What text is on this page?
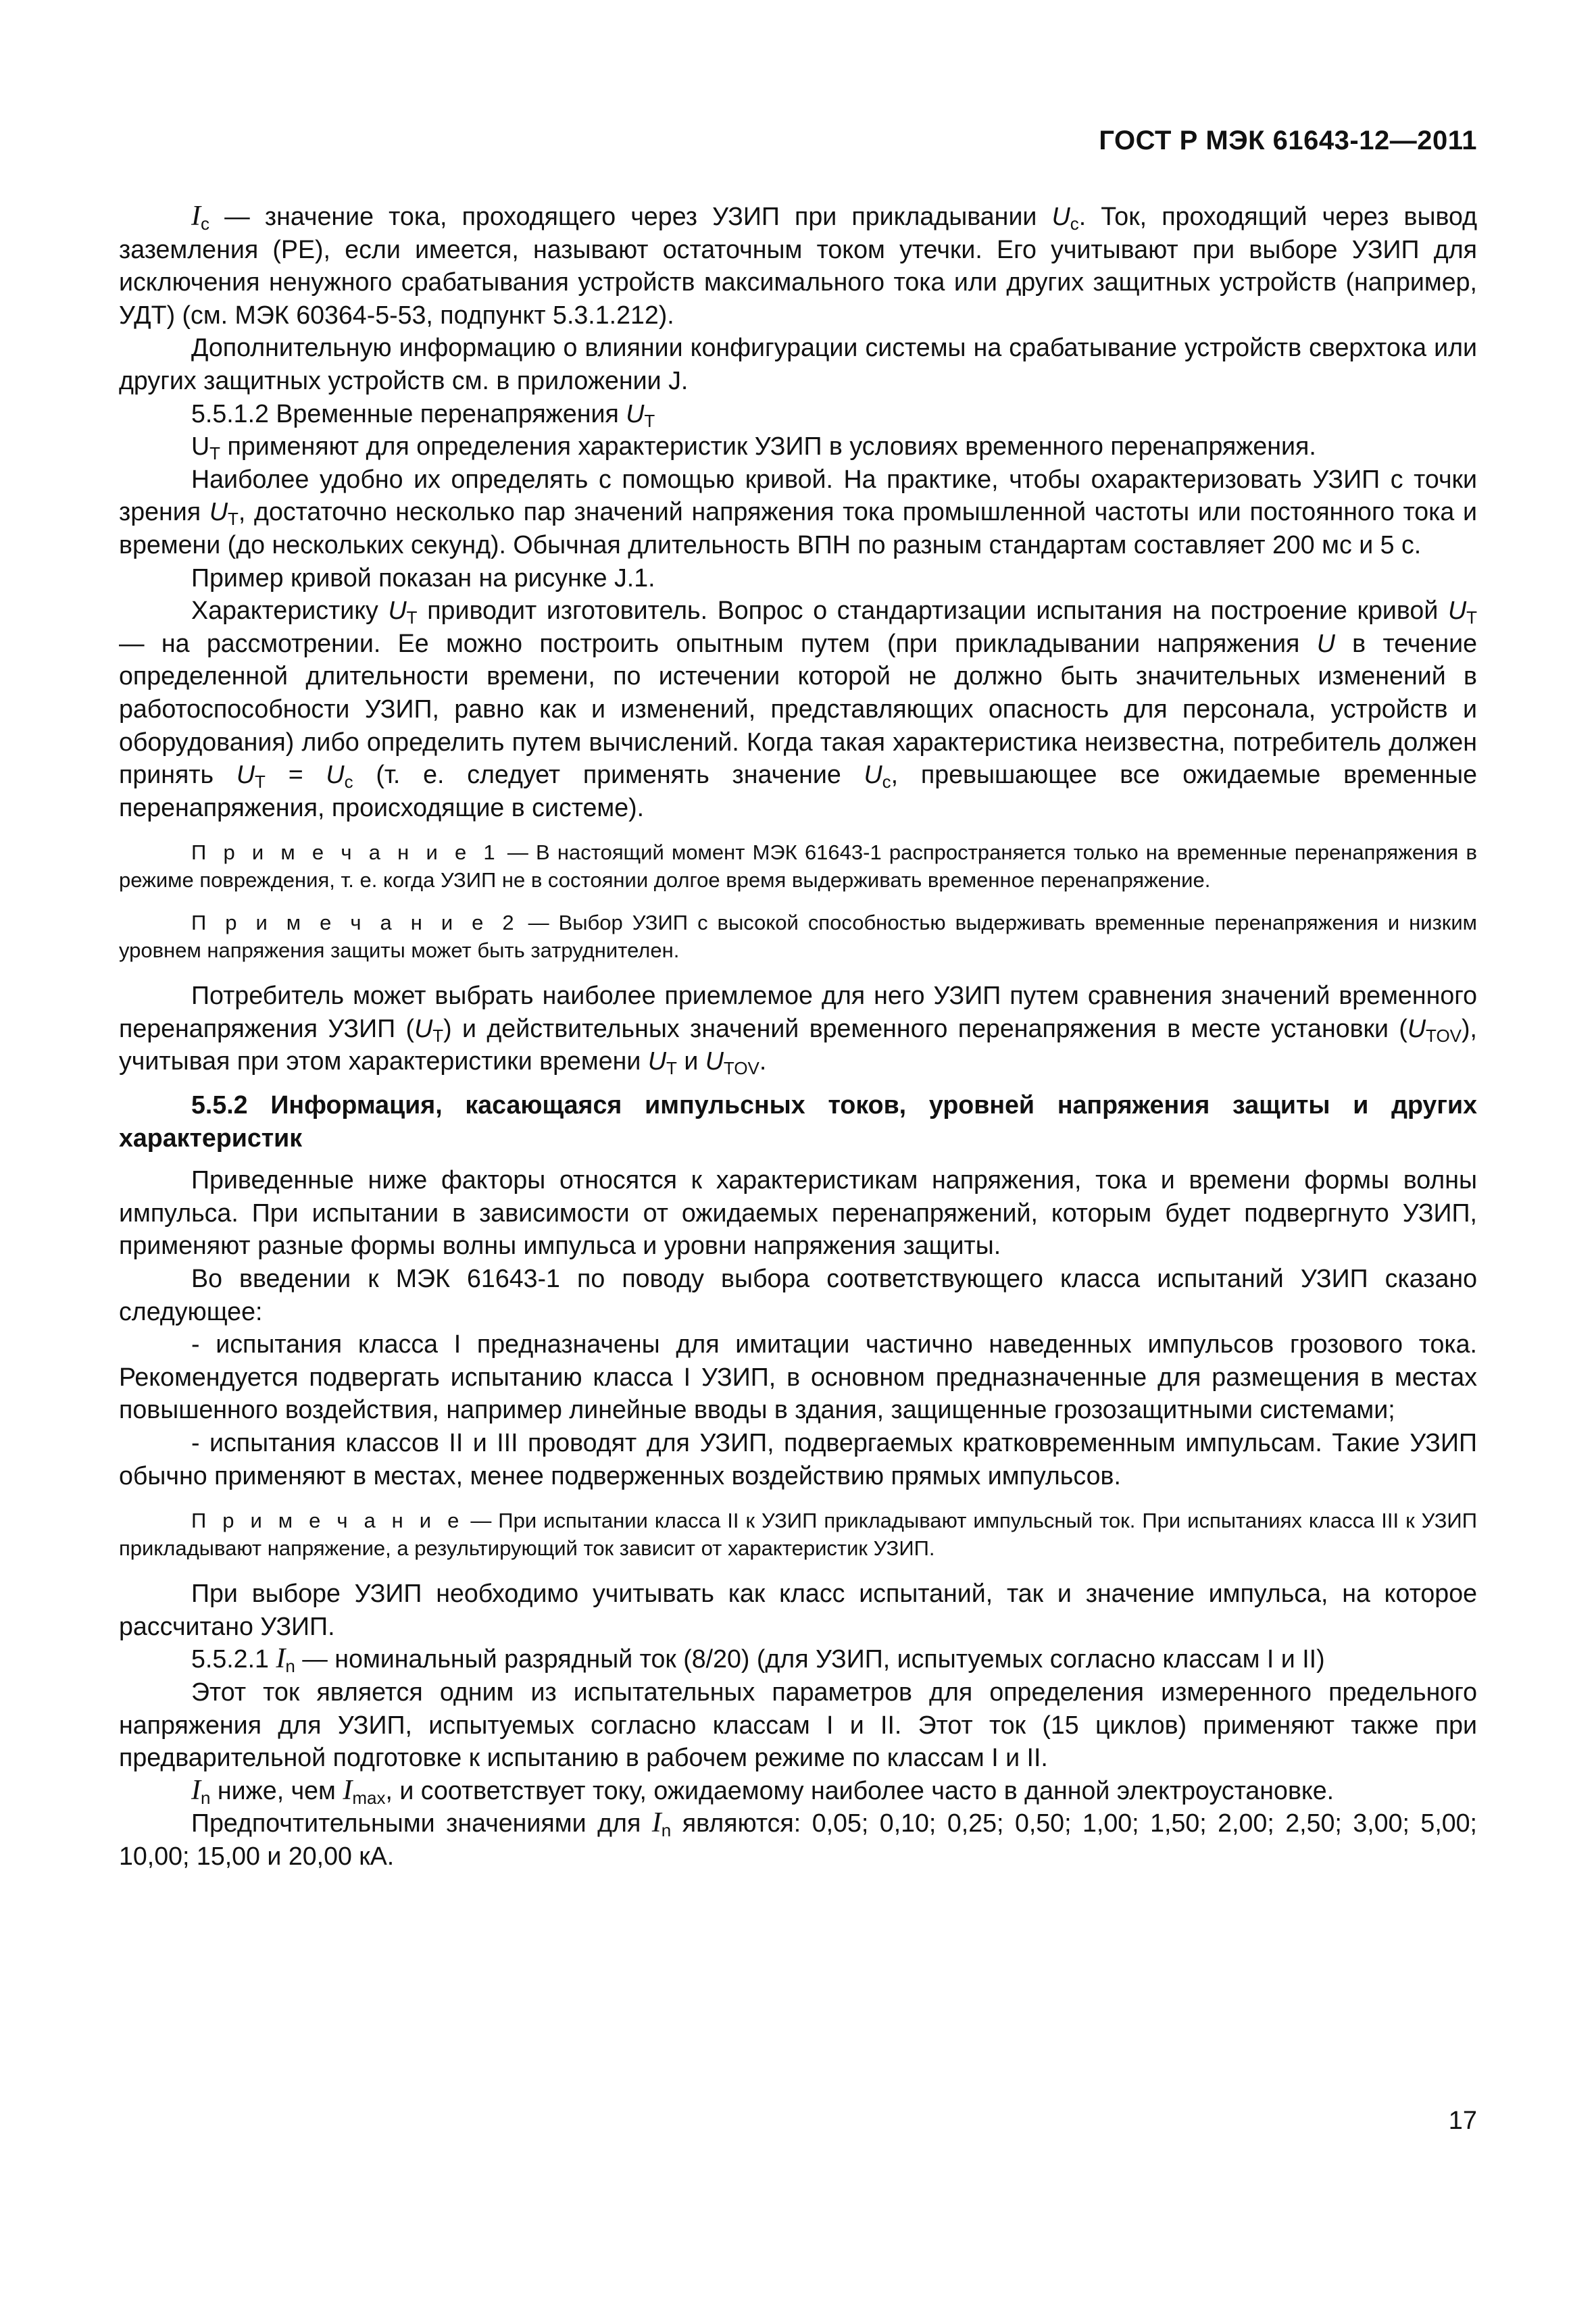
ГОСТ Р МЭК 61643-12—2011

$I_c$ — значение тока, проходящего через УЗИП при прикладывании $U_c$. Ток, проходящий через вывод заземления (PE), если имеется, называют остаточным током утечки. Его учитывают при выборе УЗИП для исключения ненужного срабатывания устройств максимального тока или других защитных устройств (например, УДТ) (см. МЭК 60364-5-53, подпункт 5.3.1.212).

Дополнительную информацию о влиянии конфигурации системы на срабатывание устройств сверхтока или других защитных устройств см. в приложении J.

5.5.1.2 Временные перенапряжения $U_T$

$U_T$ применяют для определения характеристик УЗИП в условиях временного перенапряжения.

Наиболее удобно их определять с помощью кривой. На практике, чтобы охарактеризовать УЗИП с точки зрения $U_T$, достаточно несколько пар значений напряжения тока промышленной частоты или постоянного тока и времени (до нескольких секунд). Обычная длительность ВПН по разным стандартам составляет 200 мс и 5 с.

Пример кривой показан на рисунке J.1.

Характеристику $U_T$ приводит изготовитель. Вопрос о стандартизации испытания на построение кривой $U_T$ — на рассмотрении. Ее можно построить опытным путем (при прикладывании напряжения U в течение определенной длительности времени, по истечении которой не должно быть значительных изменений в работоспособности УЗИП, равно как и изменений, представляющих опасность для персонала, устройств и оборудования) либо определить путем вычислений. Когда такая характеристика неизвестна, потребитель должен принять $U_T = U_c$ (т. е. следует применять значение $U_c$, превышающее все ожидаемые временные перенапряжения, происходящие в системе).

П р и м е ч а н и е 1 — В настоящий момент МЭК 61643-1 распространяется только на временные перенапряжения в режиме повреждения, т. е. когда УЗИП не в состоянии долгое время выдерживать временное перенапряжение.

П р и м е ч а н и е 2 — Выбор УЗИП с высокой способностью выдерживать временные перенапряжения и низким уровнем напряжения защиты может быть затруднителен.

Потребитель может выбрать наиболее приемлемое для него УЗИП путем сравнения значений временного перенапряжения УЗИП $(U_T)$ и действительных значений временного перенапряжения в месте установки $(U_{TOV})$, учитывая при этом характеристики времени $U_T$ и $U_{TOV}$.

5.5.2 Информация, касающаяся импульсных токов, уровней напряжения защиты и других характеристик

Приведенные ниже факторы относятся к характеристикам напряжения, тока и времени формы волны импульса. При испытании в зависимости от ожидаемых перенапряжений, которым будет подвергнуто УЗИП, применяют разные формы волны импульса и уровни напряжения защиты.

Во введении к МЭК 61643-1 по поводу выбора соответствующего класса испытаний УЗИП сказано следующее:

- испытания класса I предназначены для имитации частично наведенных импульсов грозового тока. Рекомендуется подвергать испытанию класса I УЗИП, в основном предназначенные для размещения в местах повышенного воздействия, например линейные вводы в здания, защищенные грозозащитными системами;

- испытания классов II и III проводят для УЗИП, подвергаемых кратковременным импульсам. Такие УЗИП обычно применяют в местах, менее подверженных воздействию прямых импульсов.

П р и м е ч а н и е — При испытании класса II к УЗИП прикладывают импульсный ток. При испытаниях класса III к УЗИП прикладывают напряжение, а результирующий ток зависит от характеристик УЗИП.

При выборе УЗИП необходимо учитывать как класс испытаний, так и значение импульса, на которое рассчитано УЗИП.

5.5.2.1 $I_n$ — номинальный разрядный ток (8/20) (для УЗИП, испытуемых согласно классам I и II)

Этот ток является одним из испытательных параметров для определения измеренного предельного напряжения для УЗИП, испытуемых согласно классам I и II. Этот ток (15 циклов) применяют также при предварительной подготовке к испытанию в рабочем режиме по классам I и II.

$I_n$ ниже, чем $I_{max}$, и соответствует току, ожидаемому наиболее часто в данной электроустановке.

Предпочтительными значениями для $I_n$ являются: 0,05; 0,10; 0,25; 0,50; 1,00; 1,50; 2,00; 2,50; 3,00; 5,00; 10,00; 15,00 и 20,00 кА.

17
